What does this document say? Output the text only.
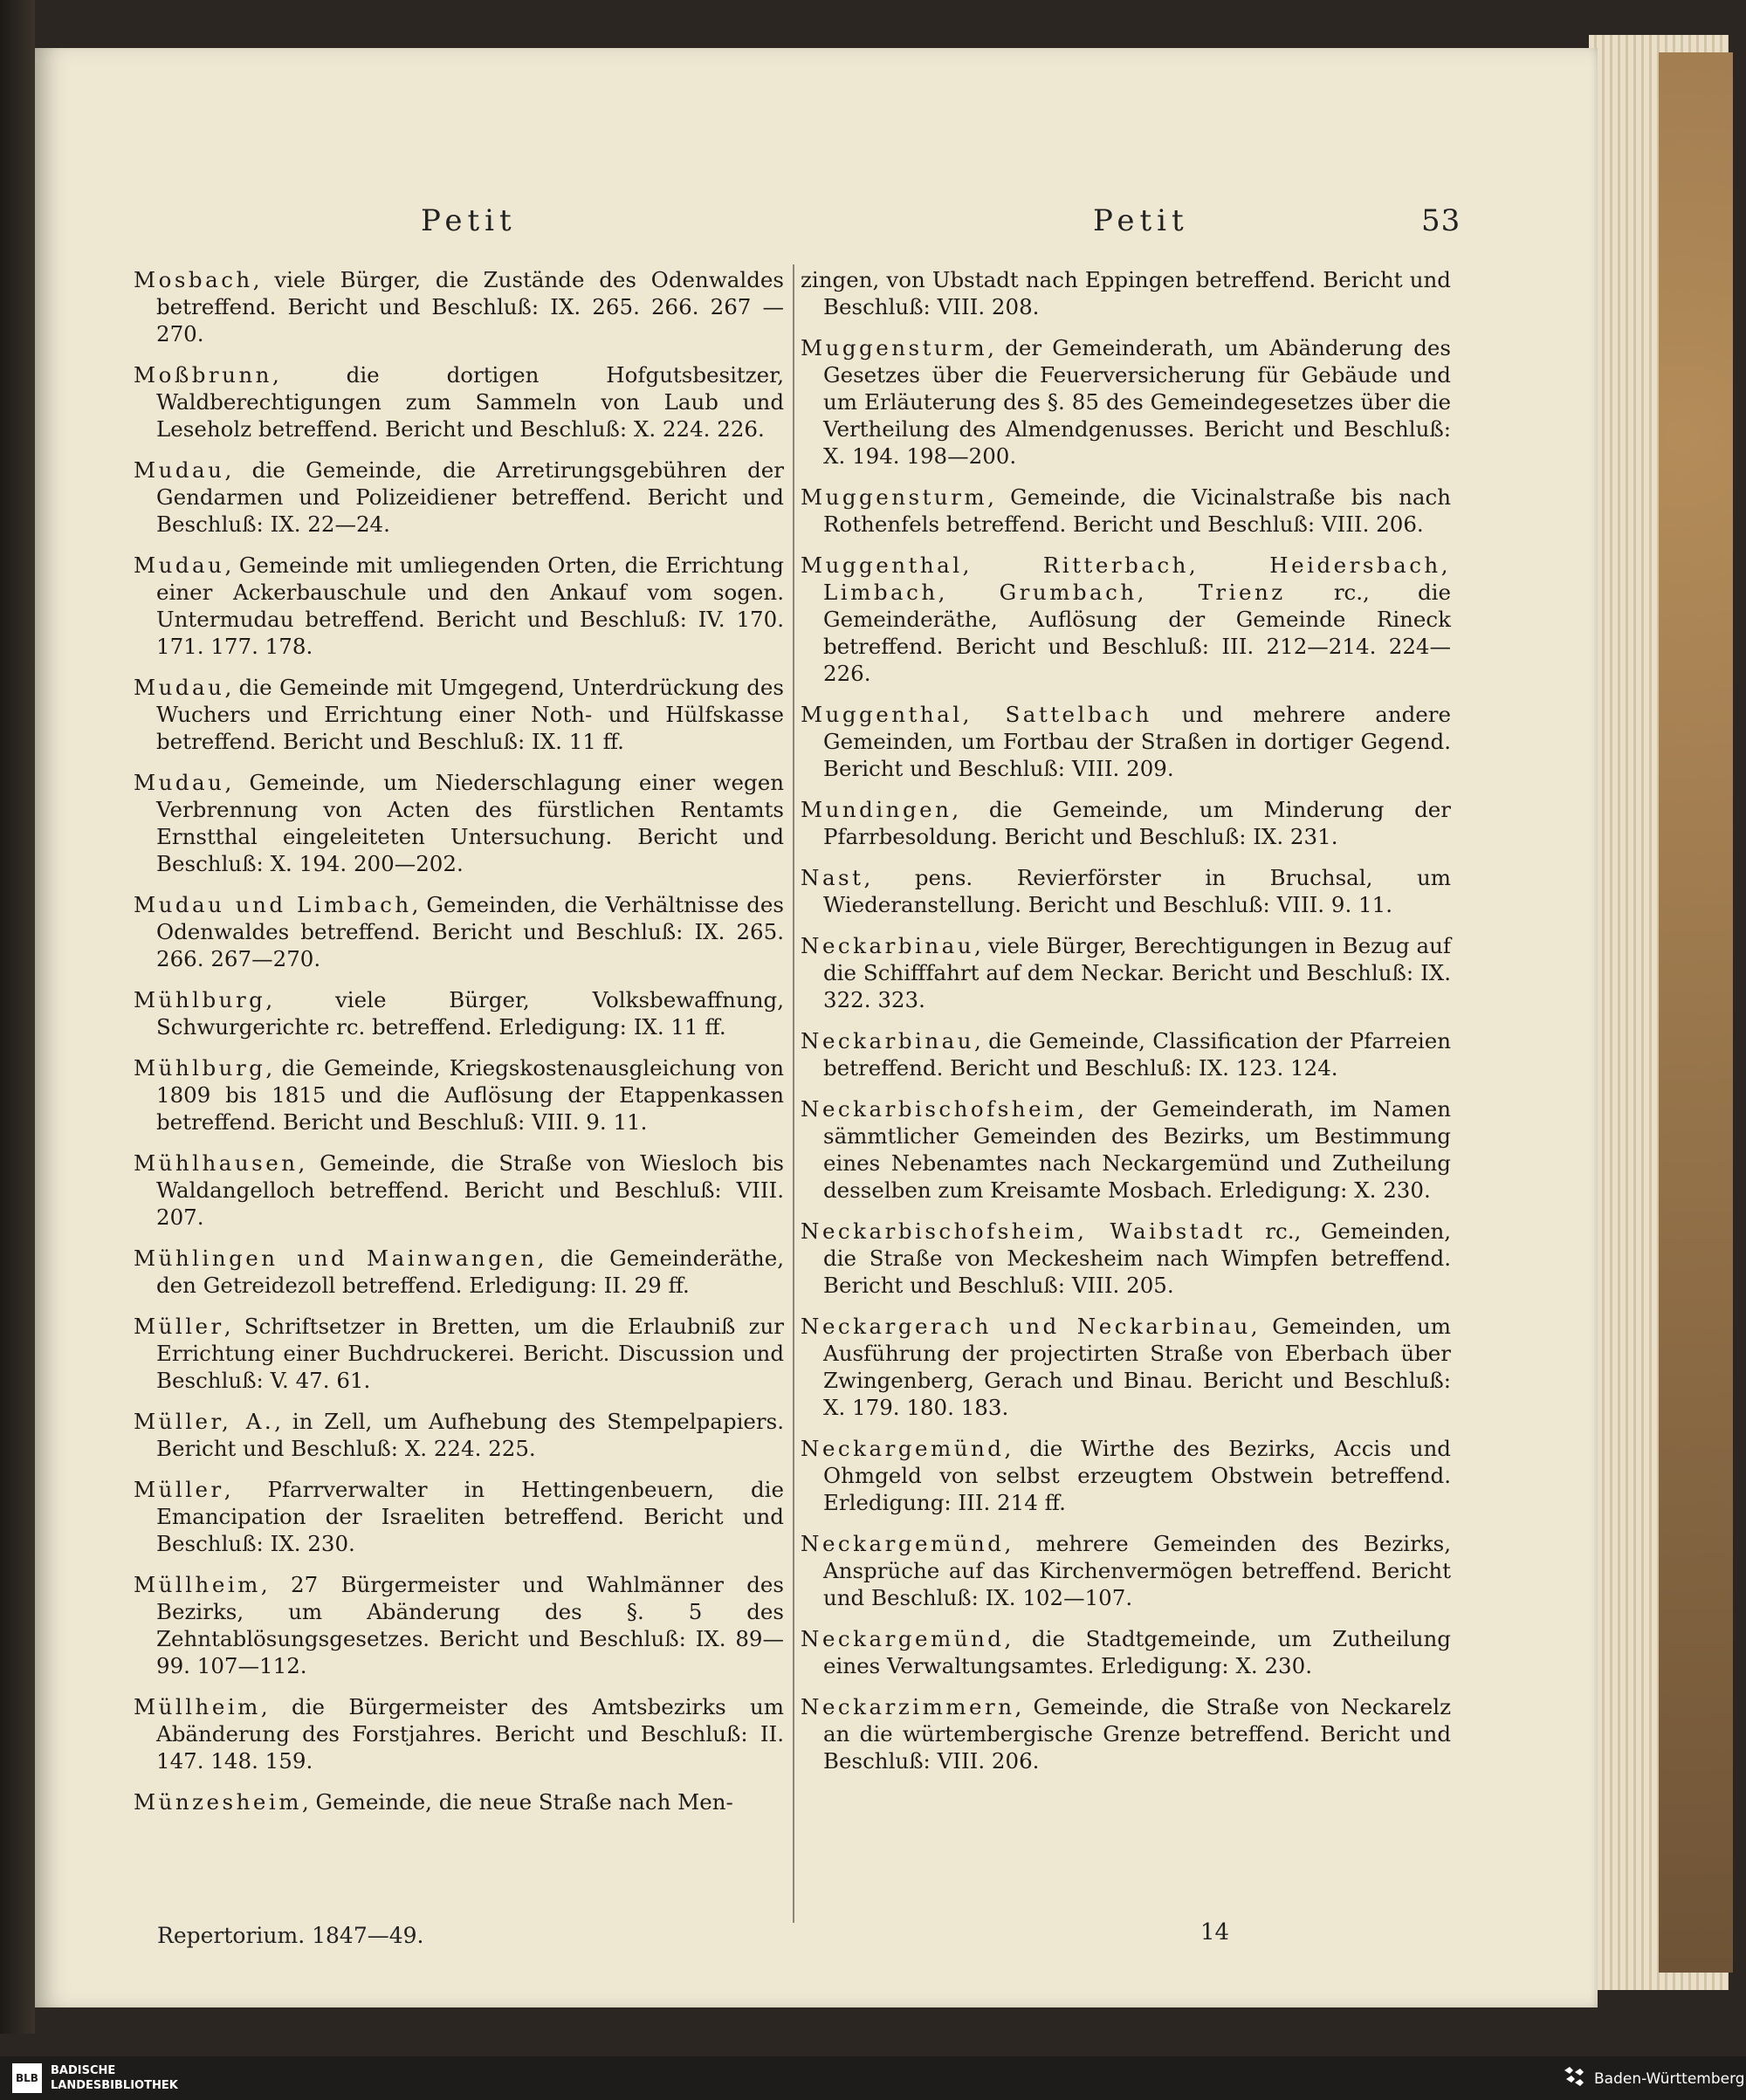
Petit	Petit	53
Mosbach, viele Bürger, die Zustände des Odenwaldes betreffend. Bericht und Beschluß: IX. 265. 266. 267 —270.
Moßbrunn, die dortigen Hofgutsbesitzer, Waldberechtigungen zum Sammeln von Laub und Leseholz betreffend. Bericht und Beschluß: X. 224. 226.
Mudau, die Gemeinde, die Arretirungsgebühren der Gendarmen und Polizeidiener betreffend. Bericht und Beschluß: IX. 22—24.
Mudau, Gemeinde mit umliegenden Orten, die Errichtung einer Ackerbauschule und den Ankauf vom sogen. Untermudau betreffend. Bericht und Beschluß: IV. 170. 171. 177. 178.
Mudau, die Gemeinde mit Umgegend, Unterdrückung des Wuchers und Errichtung einer Noth- und Hülfskasse betreffend. Bericht und Beschluß: IX. 11 ff.
Mudau, Gemeinde, um Niederschlagung einer wegen Verbrennung von Acten des fürstlichen Rentamts Ernstthal eingeleiteten Untersuchung. Bericht und Beschluß: X. 194. 200—202.
Mudau und Limbach, Gemeinden, die Verhältnisse des Odenwaldes betreffend. Bericht und Beschluß: IX. 265. 266. 267—270.
Mühlburg, viele Bürger, Volksbewaffnung, Schwurgerichte rc. betreffend. Erledigung: IX. 11 ff.
Mühlburg, die Gemeinde, Kriegskostenausgleichung von 1809 bis 1815 und die Auflösung der Etappenkassen betreffend. Bericht und Beschluß: VIII. 9. 11.
Mühlhausen, Gemeinde, die Straße von Wiesloch bis Waldangelloch betreffend. Bericht und Beschluß: VIII. 207.
Mühlingen und Mainwangen, die Gemeinderäthe, den Getreidezoll betreffend. Erledigung: II. 29 ff.
Müller, Schriftsetzer in Bretten, um die Erlaubniß zur Errichtung einer Buchdruckerei. Bericht. Discussion und Beschluß: V. 47. 61.
Müller, A., in Zell, um Aufhebung des Stempelpapiers. Bericht und Beschluß: X. 224. 225.
Müller, Pfarrverwalter in Hettingenbeuern, die Emancipation der Israeliten betreffend. Bericht und Beschluß: IX. 230.
Müllheim, 27 Bürgermeister und Wahlmänner des Bezirks, um Abänderung des §. 5 des Zehntablösungsgesetzes. Bericht und Beschluß: IX. 89—99. 107—112.
Müllheim, die Bürgermeister des Amtsbezirks um Abänderung des Forstjahres. Bericht und Beschluß: II. 147. 148. 159.
Münzesheim, Gemeinde, die neue Straße nach Men-
zingen, von Ubstadt nach Eppingen betreffend. Bericht und Beschluß: VIII. 208.
Muggensturm, der Gemeinderath, um Abänderung des Gesetzes über die Feuerversicherung für Gebäude und um Erläuterung des §. 85 des Gemeindegesetzes über die Vertheilung des Almendgenusses. Bericht und Beschluß: X. 194. 198—200.
Muggensturm, Gemeinde, die Vicinalstraße bis nach Rothenfels betreffend. Bericht und Beschluß: VIII. 206.
Muggenthal, Ritterbach, Heidersbach, Limbach, Grumbach, Trienz rc., die Gemeinderäthe, Auflösung der Gemeinde Rineck betreffend. Bericht und Beschluß: III. 212—214. 224—226.
Muggenthal, Sattelbach und mehrere andere Gemeinden, um Fortbau der Straßen in dortiger Gegend. Bericht und Beschluß: VIII. 209.
Mundingen, die Gemeinde, um Minderung der Pfarrbesoldung. Bericht und Beschluß: IX. 231.
Nast, pens. Revierförster in Bruchsal, um Wiederanstellung. Bericht und Beschluß: VIII. 9. 11.
Neckarbinau, viele Bürger, Berechtigungen in Bezug auf die Schifffahrt auf dem Neckar. Bericht und Beschluß: IX. 322. 323.
Neckarbinau, die Gemeinde, Classification der Pfarreien betreffend. Bericht und Beschluß: IX. 123. 124.
Neckarbischofsheim, der Gemeinderath, im Namen sämmtlicher Gemeinden des Bezirks, um Bestimmung eines Nebenamtes nach Neckargemünd und Zutheilung desselben zum Kreisamte Mosbach. Erledigung: X. 230.
Neckarbischofsheim, Waibstadt rc., Gemeinden, die Straße von Meckesheim nach Wimpfen betreffend. Bericht und Beschluß: VIII. 205.
Neckargerach und Neckarbinau, Gemeinden, um Ausführung der projectirten Straße von Eberbach über Zwingenberg, Gerach und Binau. Bericht und Beschluß: X. 179. 180. 183.
Neckargemünd, die Wirthe des Bezirks, Accis und Ohmgeld von selbst erzeugtem Obstwein betreffend. Erledigung: III. 214 ff.
Neckargemünd, mehrere Gemeinden des Bezirks, Ansprüche auf das Kirchenvermögen betreffend. Bericht und Beschluß: IX. 102—107.
Neckargemünd, die Stadtgemeinde, um Zutheilung eines Verwaltungsamtes. Erledigung: X. 230.
Neckarzimmern, Gemeinde, die Straße von Neckarelz an die würtembergische Grenze betreffend. Bericht und Beschluß: VIII. 206.
Repertorium. 1847—49.	14
BLB
BADISCHE
LANDESBIBLIOTHEK	Baden-Württemberg
